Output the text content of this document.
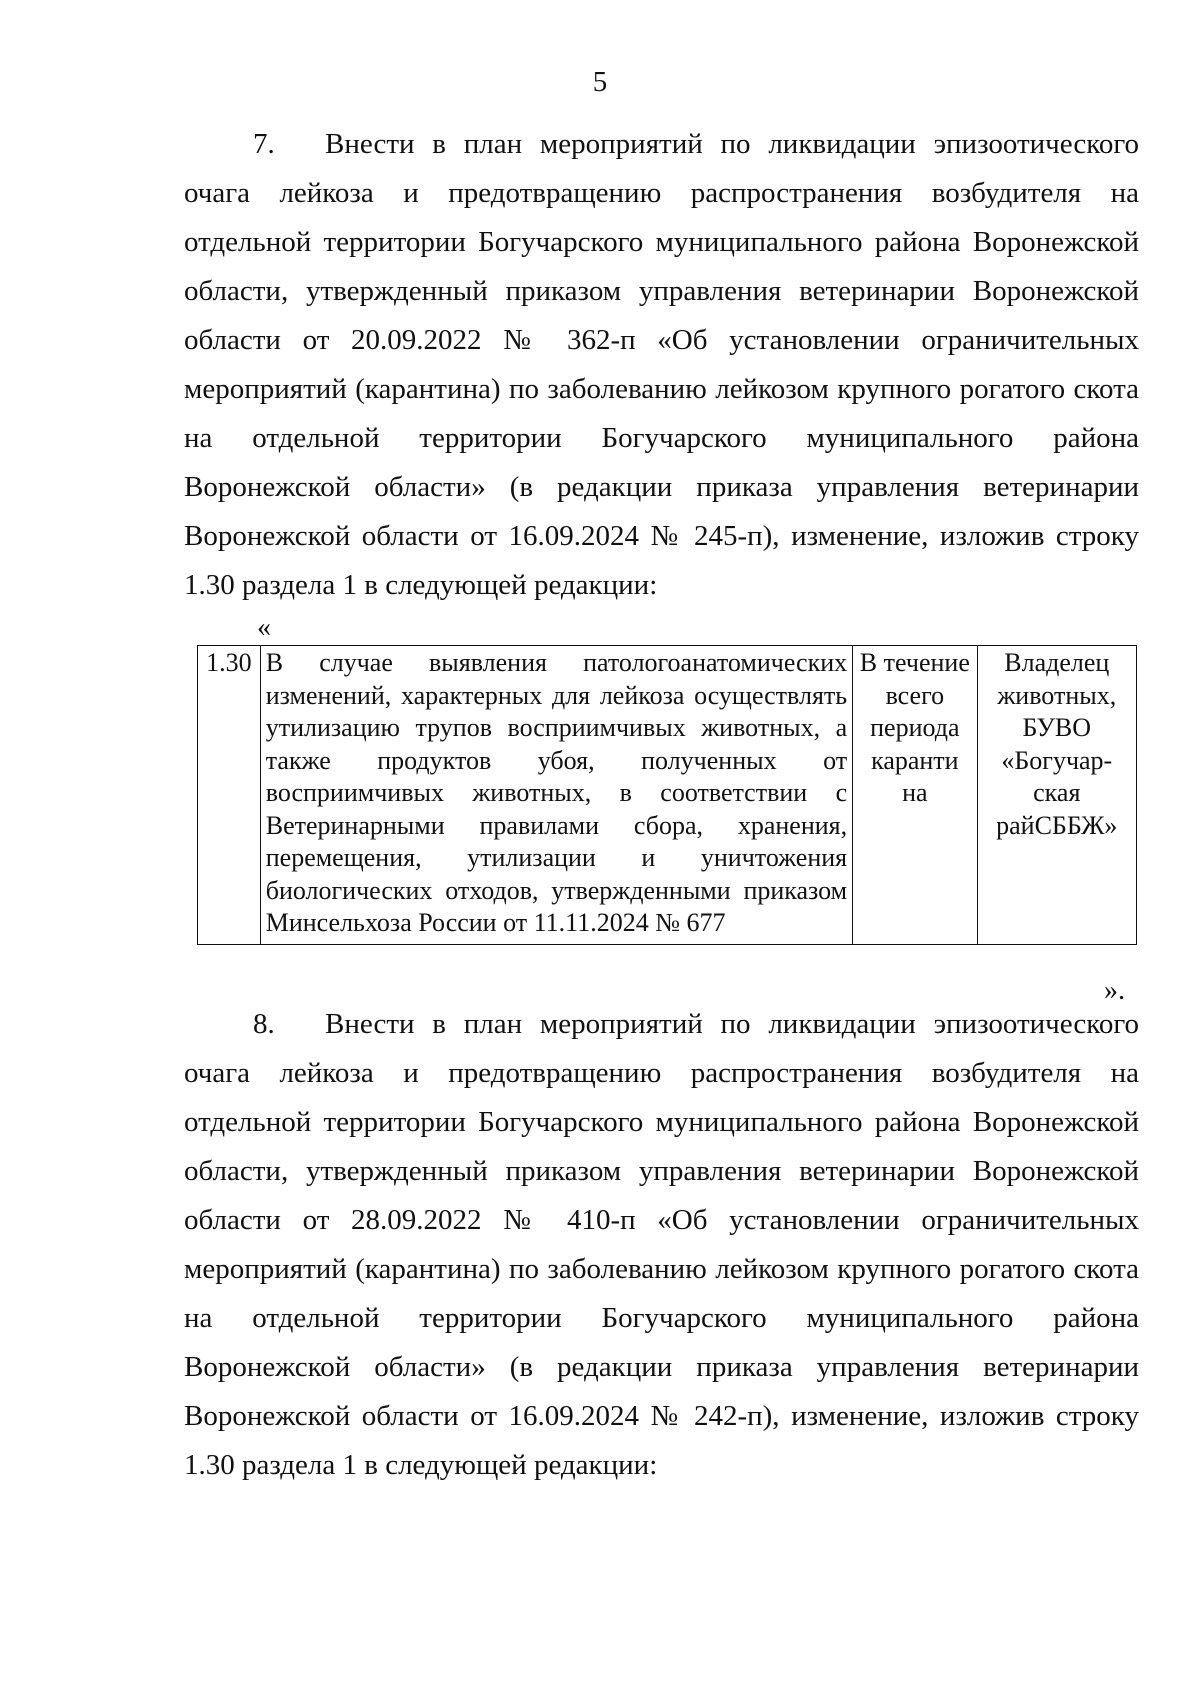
5
7. Внести в план мероприятий по ликвидации эпизоотического очага лейкоза и предотвращению распространения возбудителя на отдельной территории Богучарского муниципального района Воронежской области, утвержденный приказом управления ветеринарии Воронежской области от 20.09.2022 № 362-п «Об установлении ограничительных мероприятий (карантина) по заболеванию лейкозом крупного рогатого скота на отдельной территории Богучарского муниципального района Воронежской области» (в редакции приказа управления ветеринарии Воронежской области от 16.09.2024 № 245-п), изменение, изложив строку 1.30 раздела 1 в следующей редакции:
«
1.30	В случае выявления патологоанатомических изменений, характерных для лейкоза осуществлять утилизацию трупов восприимчивых животных, а также продуктов убоя, полученных от восприимчивых животных, в соответствии с Ветеринарными правилами сбора, хранения, перемещения, утилизации и уничтожения биологических отходов, утвержденными приказом Минсельхоза России от 11.11.2024 № 677	В течение всего периода каранти на	Владелец животных, БУВО «Богучар-ская райСББЖ»
».
8. Внести в план мероприятий по ликвидации эпизоотического очага лейкоза и предотвращению распространения возбудителя на отдельной территории Богучарского муниципального района Воронежской области, утвержденный приказом управления ветеринарии Воронежской области от 28.09.2022 № 410-п «Об установлении ограничительных мероприятий (карантина) по заболеванию лейкозом крупного рогатого скота на отдельной территории Богучарского муниципального района Воронежской области» (в редакции приказа управления ветеринарии Воронежской области от 16.09.2024 № 242-п), изменение, изложив строку 1.30 раздела 1 в следующей редакции:
